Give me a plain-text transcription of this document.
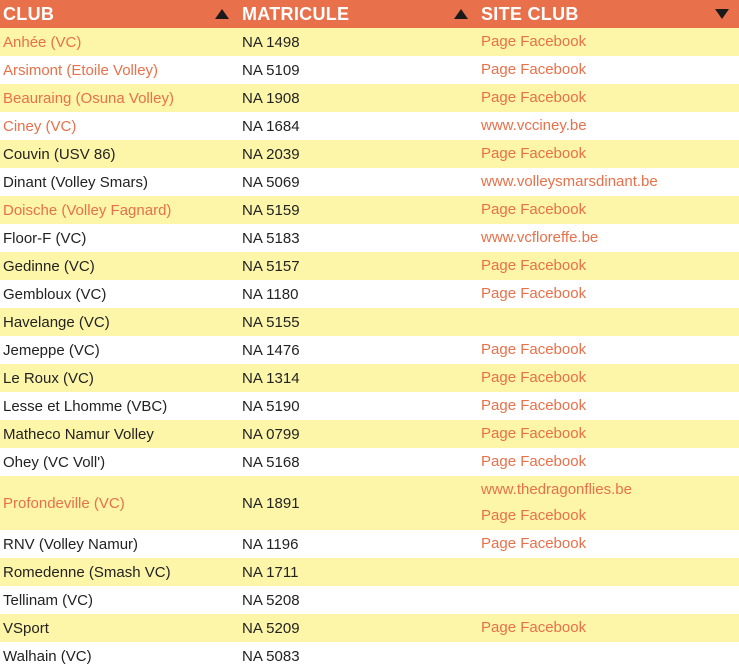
CLUB	MATRICULE	SITE CLUB

Anhée (VC)	NA 1498	Page Facebook

Arsimont (Etoile Volley)	NA 5109	Page Facebook

Beauraing (Osuna Volley)	NA 1908	Page Facebook

Ciney (VC)	NA 1684	www.vcciney.be

Couvin (USV 86)	NA 2039	Page Facebook

Dinant (Volley Smars)	NA 5069	www.volleysmarsdinant.be

Doische (Volley Fagnard)	NA 5159	Page Facebook

Floor-F (VC)	NA 5183	www.vcfloreffe.be

Gedinne (VC)	NA 5157	Page Facebook

Gembloux (VC)	NA 1180	Page Facebook

Havelange (VC)	NA 5155	
Jemeppe (VC)	NA 1476	Page Facebook

Le Roux (VC)	NA 1314	Page Facebook

Lesse et Lhomme (VBC)	NA 5190	Page Facebook

Matheco Namur Volley	NA 0799	Page Facebook

Ohey (VC Voll')	NA 5168	Page Facebook

Profondeville (VC)	NA 1891	www.thedragonflies.be
Page Facebook

RNV (Volley Namur)	NA 1196	Page Facebook

Romedenne (Smash VC)	NA 1711	
Tellinam (VC)	NA 5208	
VSport	NA 5209	Page Facebook

Walhain (VC)	NA 5083	
